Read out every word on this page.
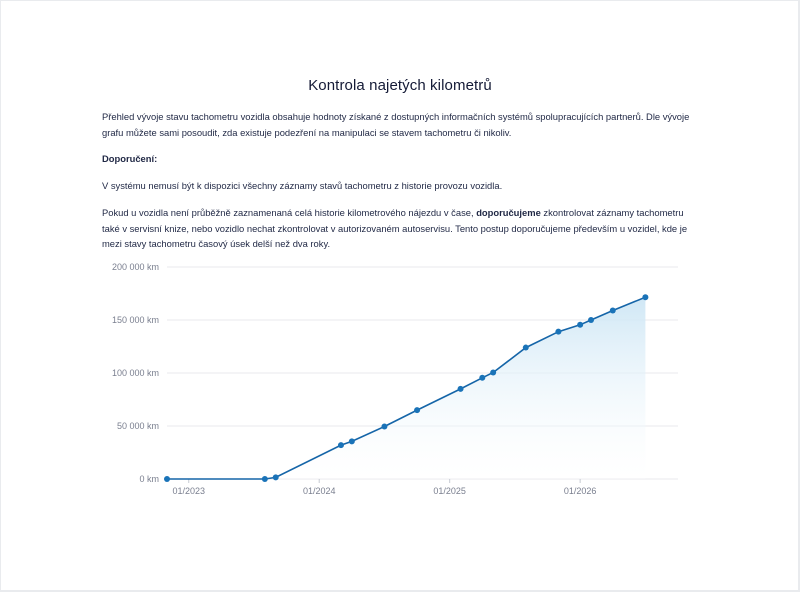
Kontrola najetých kilometrů
Přehled vývoje stavu tachometru vozidla obsahuje hodnoty získané z dostupných informačních systémů spolupracujících partnerů. Dle vývoje grafu můžete sami posoudit, zda existuje podezření na manipulaci se stavem tachometru či nikoliv.
Doporučení:
V systému nemusí být k dispozici všechny záznamy stavů tachometru z historie provozu vozidla.
Pokud u vozidla není průběžně zaznamenaná celá historie kilometrového nájezdu v čase, doporučujeme zkontrolovat záznamy tachometru také v servisní knize, nebo vozidlo nechat zkontrolovat v autorizovaném autoservisu. Tento postup doporučujeme především u vozidel, kde je mezi stavy tachometru časový úsek delší než dva roky.
0 km
50 000 km
100 000 km
150 000 km
200 000 km
01/2023	01/2024	01/2025	01/2026
